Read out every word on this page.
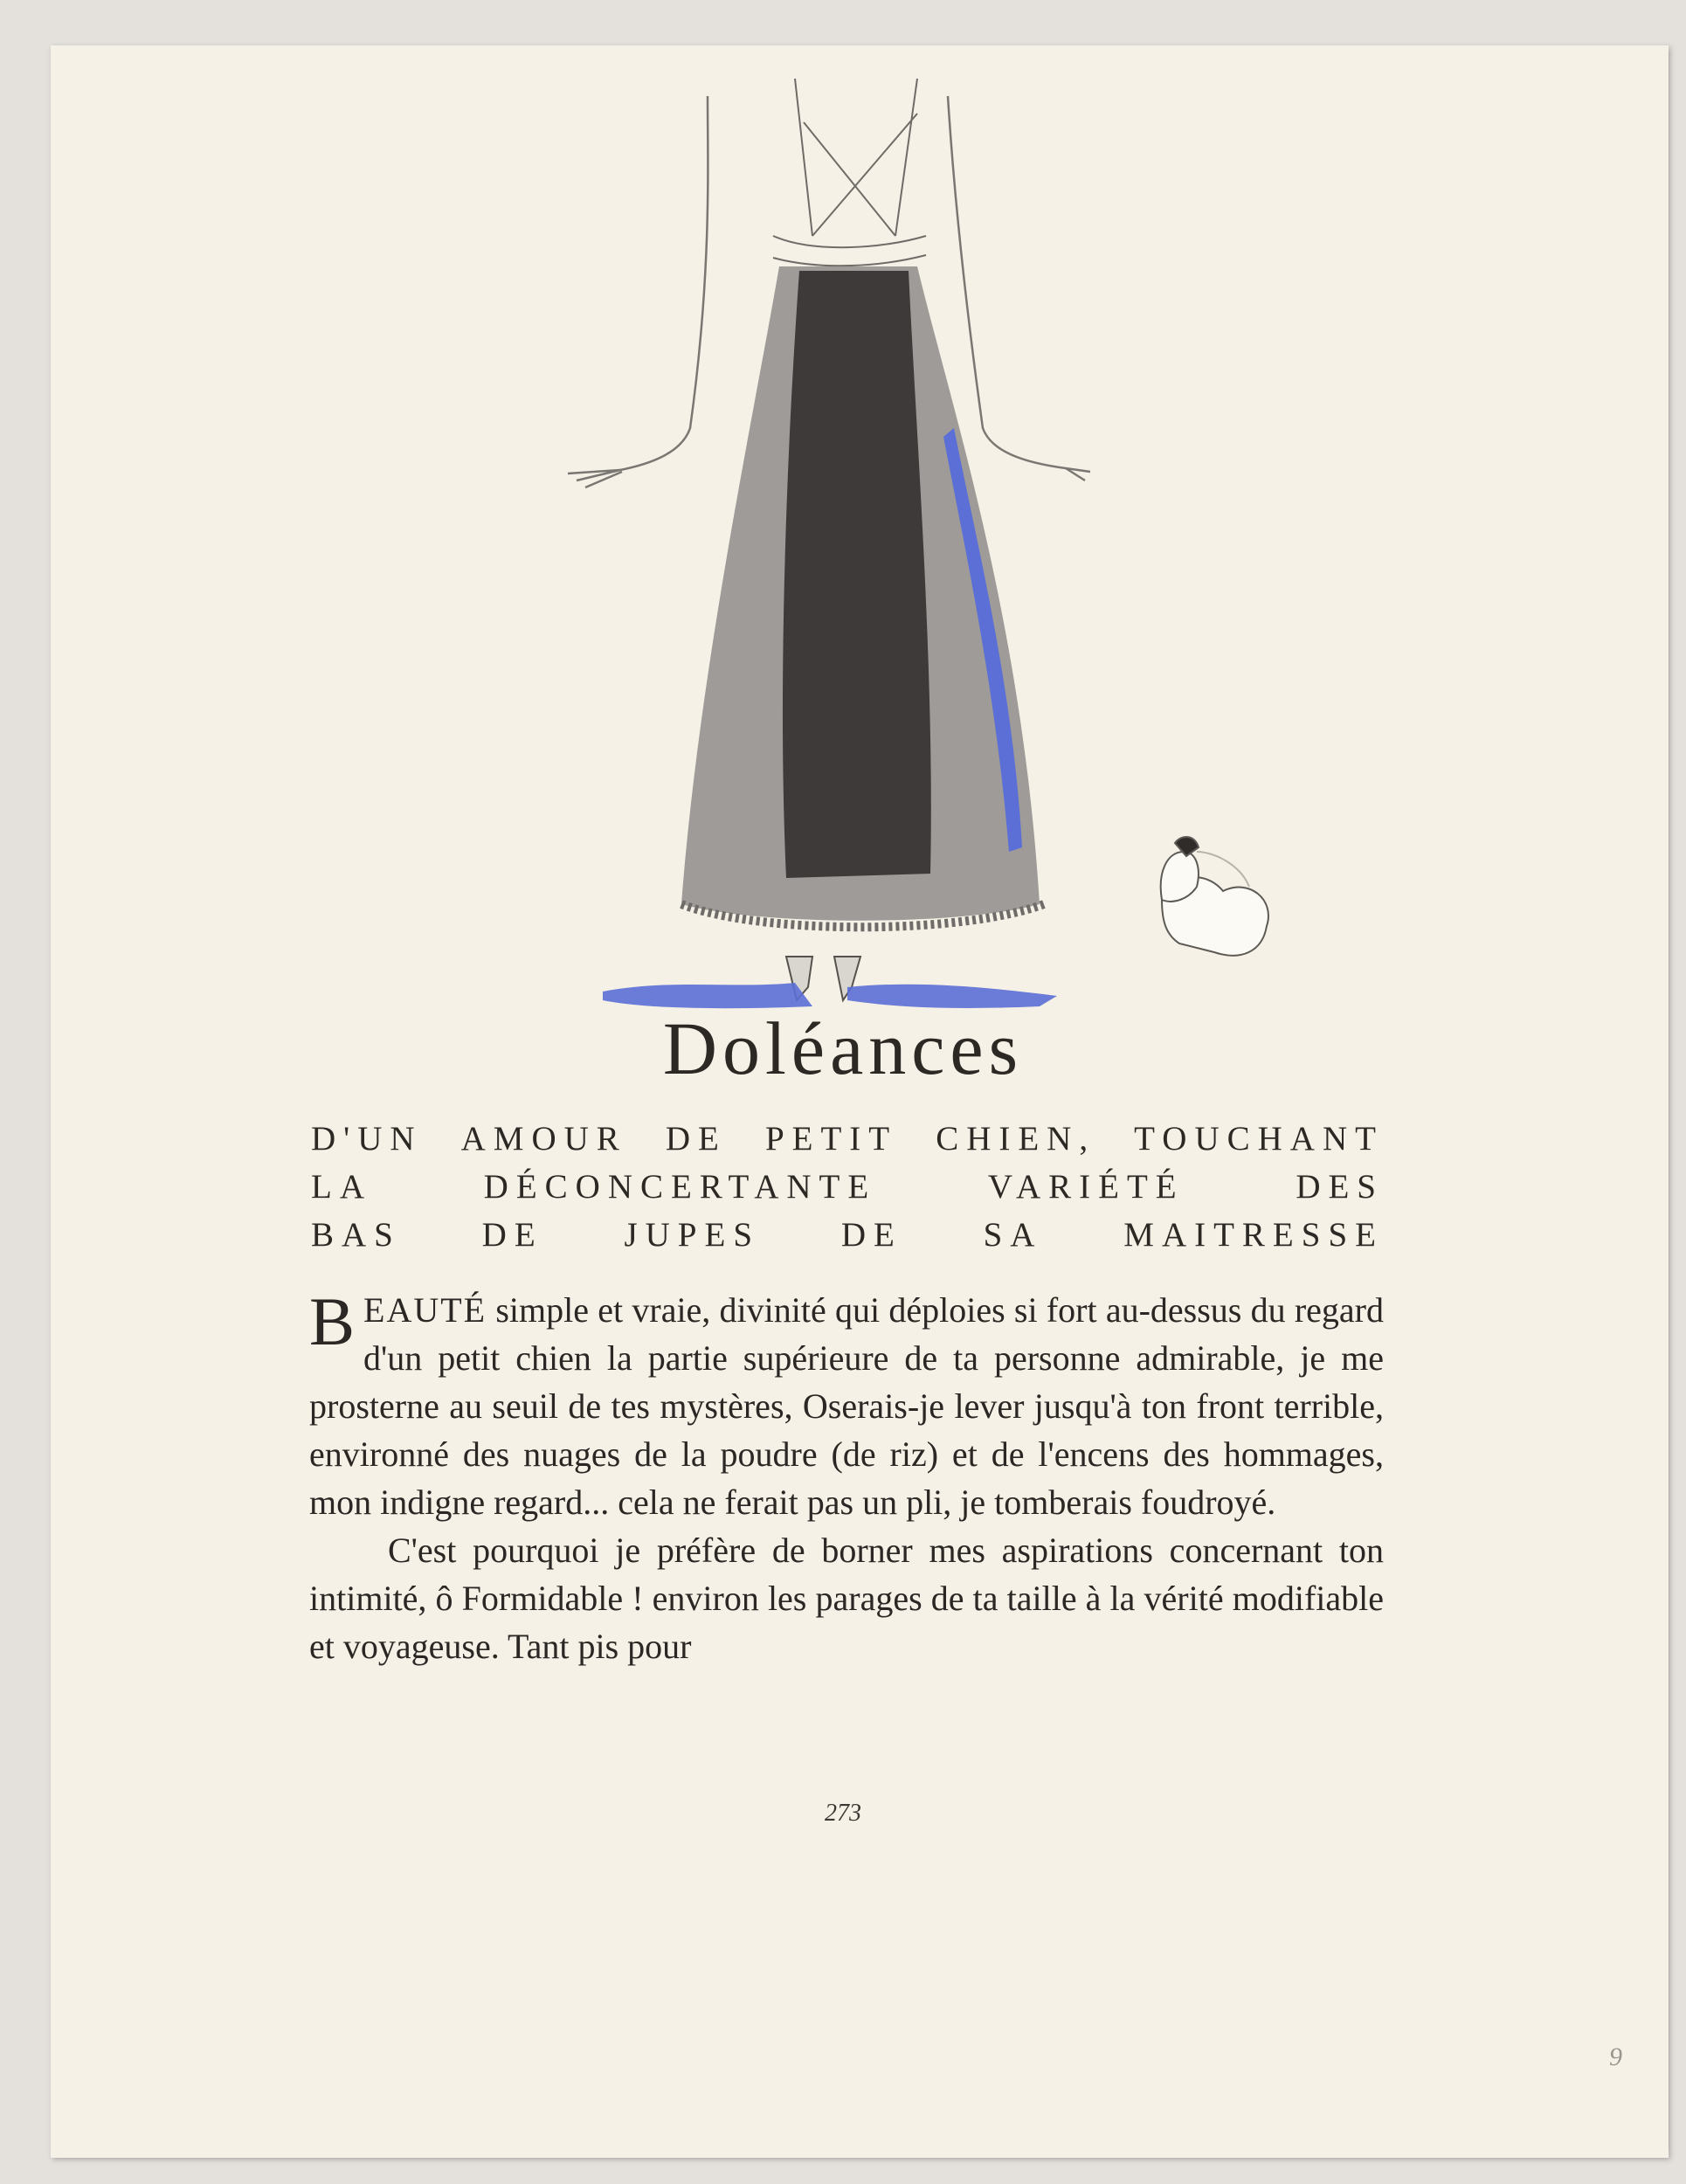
Doléances
D'UN AMOUR DE PETIT CHIEN, TOUCHANT
LA	DÉCONCERTANTE	VARIÉTÉ	DES
BAS DE JUPES DE SA MAITRESSE

BEAUTÉ simple et vraie, divinité qui déploies si fort au-dessus du regard d'un petit chien la partie supérieure de ta personne admirable, je me prosterne au seuil de tes mystères, Oserais-je lever jusqu'à ton front terrible, environné des nuages de la poudre (de riz) et de l'encens des hommages, mon indigne regard... cela ne ferait pas un pli, je tomberais foudroyé.

C'est pourquoi je préfère de borner mes aspirations concernant ton intimité, ô Formidable ! environ les parages de ta taille à la vérité modifiable et voyageuse. Tant pis pour

273
9
